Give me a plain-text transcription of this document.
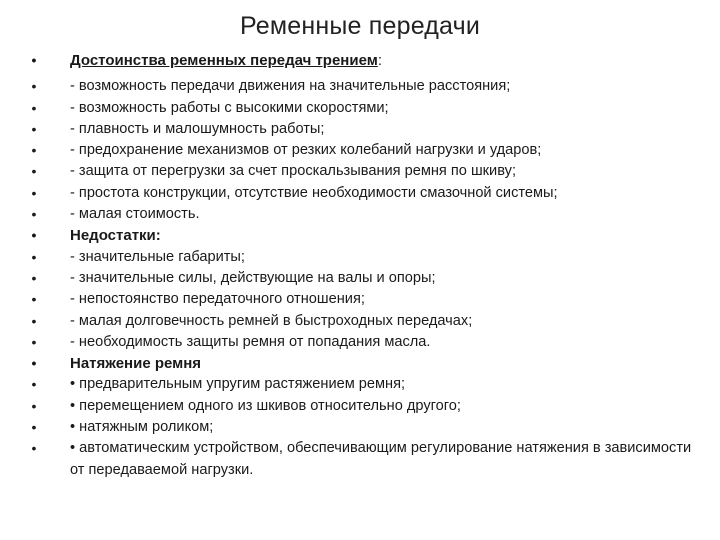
Ременные передачи
• Достоинства ременных передач трением:
• - возможность передачи движения на значительные расстояния;
• - возможность работы с высокими скоростями;
• - плавность и малошумность работы;
• - предохранение механизмов от резких колебаний нагрузки и ударов;
• - защита от перегрузки за счет проскальзывания ремня по шкиву;
• - простота конструкции, отсутствие необходимости смазочной системы;
• - малая стоимость.
• Недостатки:
• - значительные габариты;
• - значительные силы, действующие на валы и опоры;
• - непостоянство передаточного отношения;
• - малая долговечность ремней в быстроходных передачах;
• - необходимость защиты ремня от попадания масла.
• Натяжение ремня
• • предварительным упругим растяжением ремня;
• • перемещением одного из шкивов относительно другого;
• • натяжным роликом;
• • автоматическим устройством, обеспечивающим регулирование натяжения в зависимости от передаваемой нагрузки.
